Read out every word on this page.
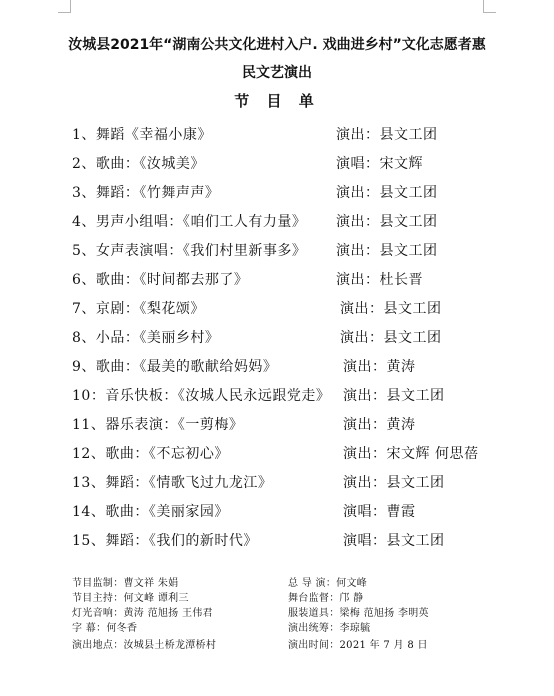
汝城县2021年“湖南公共文化进村入户. 戏曲进乡村”文化志愿者惠
民文艺演出
节 目 单
1、舞蹈《幸福小康》	演出：县文工团
2、歌曲：《汝城美》	演唱：宋文辉
3、舞蹈：《竹舞声声》	演出：县文工团
4、男声小组唱：《咱们工人有力量》 演出：县文工团
5、女声表演唱：《我们村里新事多》 演出：县文工团
6、歌曲：《时间都去那了》	演出：杜长晋
7、京剧：《梨花颂》	演出：县文工团
8、小品：《美丽乡村》	演出：县文工团
9、歌曲：《最美的歌献给妈妈》	演出：黄涛
10：音乐快板：《汝城人民永远跟党走》 演出：县文工团
11、器乐表演：《一剪梅》	演出：黄涛
12、歌曲：《不忘初心》	演出：宋文辉 何思蓓
13、舞蹈：《情歌飞过九龙江》	演出：县文工团
14、歌曲：《美丽家园》	演唱：曹霞
15、舞蹈：《我们的新时代》	演唱：县文工团
节目监制：曹文祥 朱娟	总 导 演：何文峰
节目主持：何文峰 谭利三	舞台监督：邝 静
灯光音响：黄涛 范旭扬 王伟君	服装道具：梁梅 范旭扬 李明英
字 幕：何冬香	演出统筹：李琼毓
演出地点：汝城县土桥龙潭桥村	演出时间：2021 年 7 月 8 日
